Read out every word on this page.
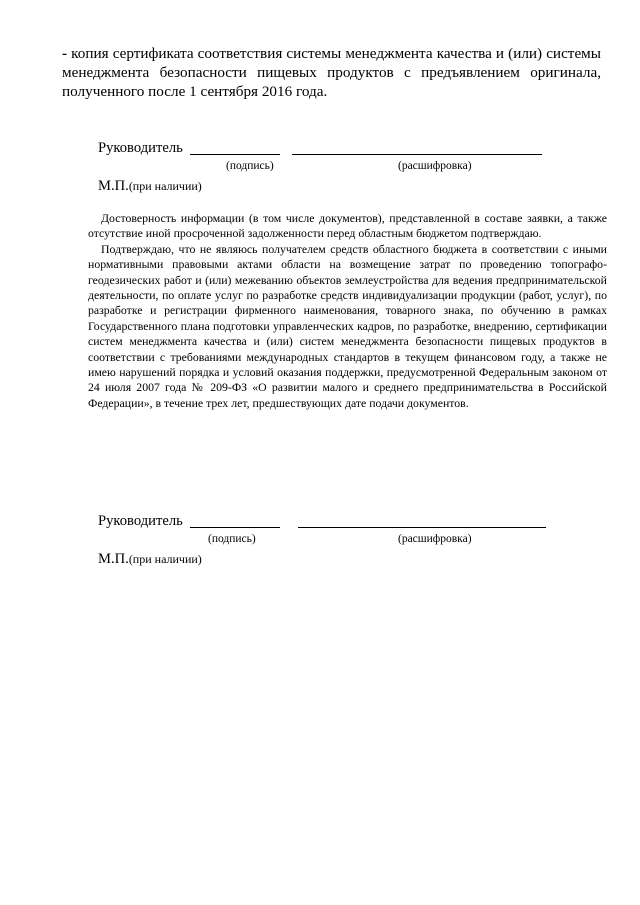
- копия сертификата соответствия системы менеджмента качества и (или) системы менеджмента безопасности пищевых продуктов с предъявлением оригинала, полученного после 1 сентября 2016 года.

Руководитель
(подпись)	(расшифровка)
М.П.(при наличии)

Достоверность информации (в том числе документов), представленной в составе заявки, а также отсутствие иной просроченной задолженности перед областным бюджетом подтверждаю.

Подтверждаю, что не являюсь получателем средств областного бюджета в соответствии с иными нормативными правовыми актами области на возмещение затрат по проведению топографо-геодезических работ и (или) межеванию объектов землеустройства для ведения предпринимательской деятельности, по оплате услуг по разработке средств индивидуализации продукции (работ, услуг), по разработке и регистрации фирменного наименования, товарного знака, по обучению в рамках Государственного плана подготовки управленческих кадров, по разработке, внедрению, сертификации систем менеджмента качества и (или) систем менеджмента безопасности пищевых продуктов в соответствии с требованиями международных стандартов в текущем финансовом году, а также не имею нарушений порядка и условий оказания поддержки, предусмотренной Федеральным законом от 24 июля 2007 года № 209-ФЗ «О развитии малого и среднего предпринимательства в Российской Федерации», в течение трех лет, предшествующих дате подачи документов.

Руководитель
(подпись)	(расшифровка)
М.П.(при наличии)
